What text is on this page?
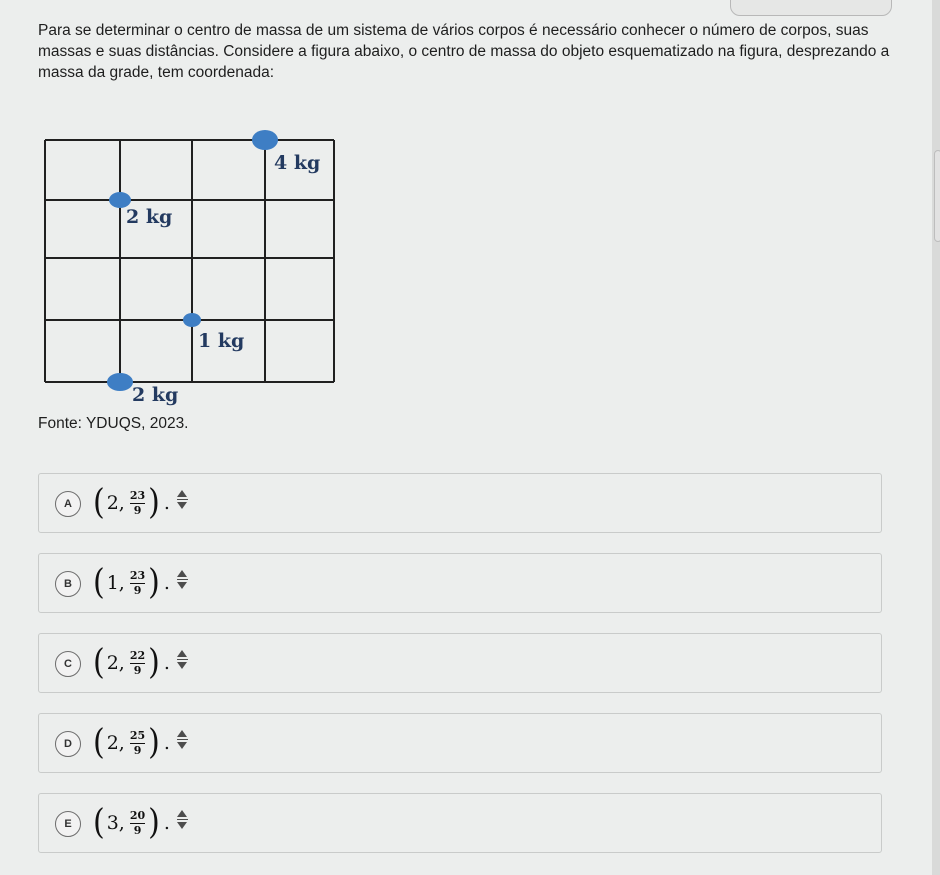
Para se determinar o centro de massa de um sistema de vários corpos é necessário conhecer o número de corpos, suas massas e suas distâncias. Considere a figura abaixo, o centro de massa do objeto esquematizado na figura, desprezando a massa da grade, tem coordenada:
4 kg
2 kg
1 kg
2 kg
Fonte: YDUQS, 2023.
A ( 2, $\frac{23}{9}$ ) .
B ( 1, $\frac{23}{9}$ ) .
C ( 2, $\frac{22}{9}$ ) .
D ( 2, $\frac{25}{9}$ ) .
E ( 3, $\frac{20}{9}$ ) .
